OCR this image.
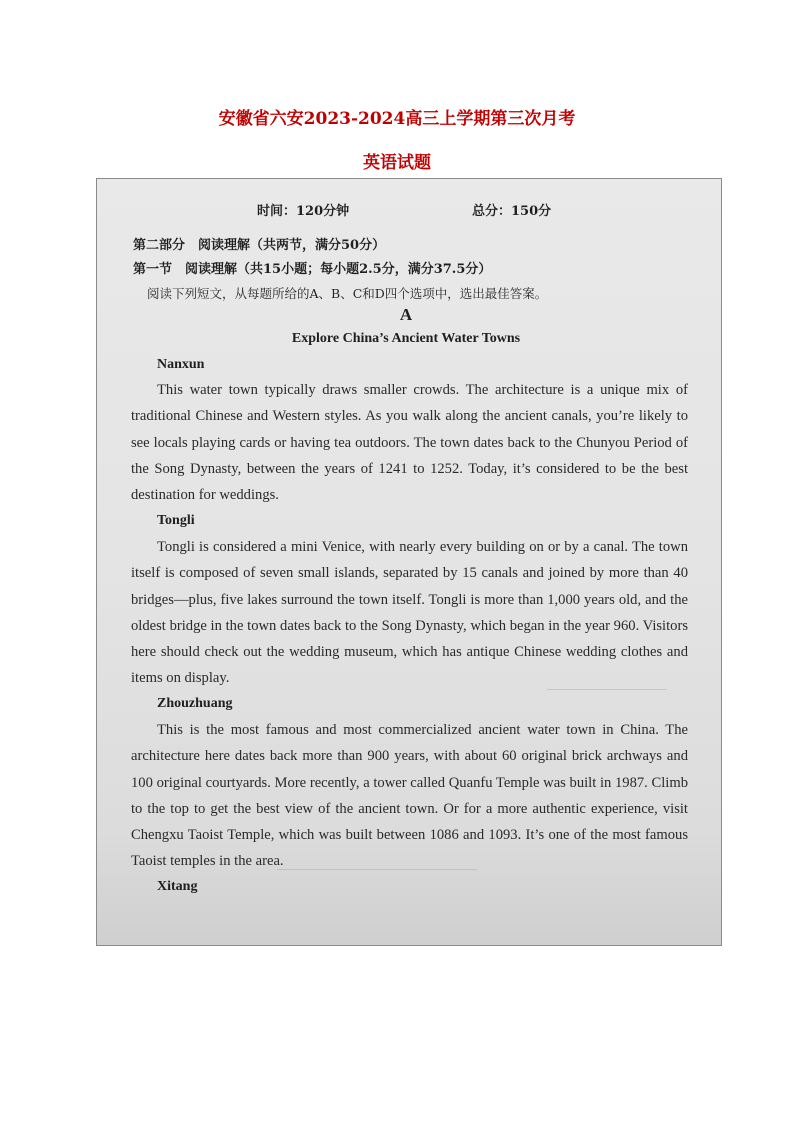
安徽省六安2023-2024高三上学期第三次月考
英语试题
时间：120分钟	总分：150分
第二部分　阅读理解（共两节，满分50分）
第一节　阅读理解（共15小题；每小题2.5分，满分37.5分）
阅读下列短文，从每题所给的A、B、C和D四个选项中，选出最佳答案。
A
Explore China’s Ancient Water Towns
Nanxun

This water town typically draws smaller crowds. The architecture is a unique mix of traditional Chinese and Western styles. As you walk along the ancient canals, you’re likely to see locals playing cards or having tea outdoors. The town dates back to the Chunyou Period of the Song Dynasty, between the years of 1241 to 1252. Today, it’s considered to be the best destination for weddings.

Tongli

Tongli is considered a mini Venice, with nearly every building on or by a canal. The town itself is composed of seven small islands, separated by 15 canals and joined by more than 40 bridges—plus, five lakes surround the town itself. Tongli is more than 1,000 years old, and the oldest bridge in the town dates back to the Song Dynasty, which began in the year 960. Visitors here should check out the wedding museum, which has antique Chinese wedding clothes and items on display.

Zhouzhuang

This is the most famous and most commercialized ancient water town in China. The architecture here dates back more than 900 years, with about 60 original brick archways and 100 original courtyards. More recently, a tower called Quanfu Temple was built in 1987. Climb to the top to get the best view of the ancient town. Or for a more authentic experience, visit Chengxu Taoist Temple, which was built between 1086 and 1093. It’s one of the most famous Taoist temples in the area.

Xitang
